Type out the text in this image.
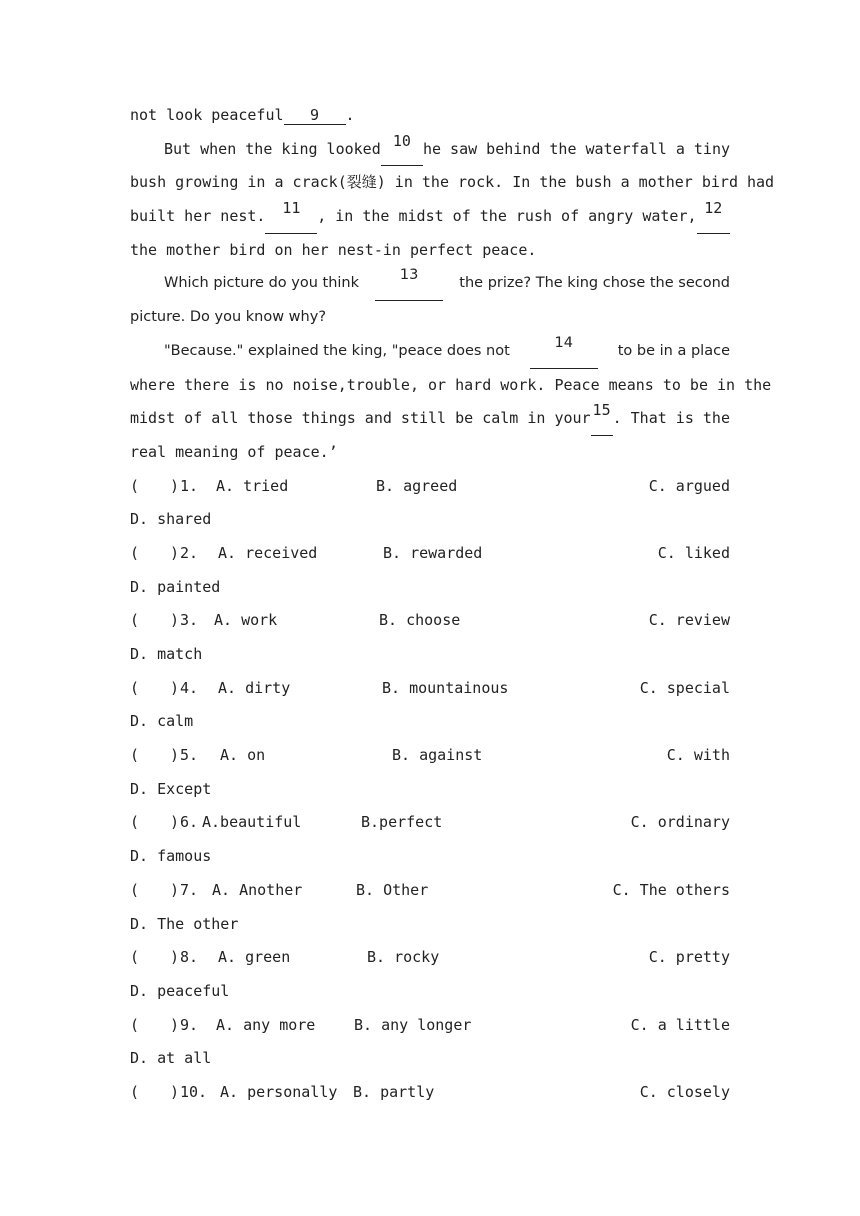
not look peaceful 9 .
But when the king looked 10 he saw behind the waterfall a tiny
bush growing in a crack(裂缝) in the rock. In the bush a mother bird had
built her nest.	11	, in the midst of the rush of angry water, 12
the mother bird on her nest-in perfect peace.
Which picture do you think	13	the prize? The king chose the second
picture. Do you know why?
"Because." explained the king, "peace does not	14	to be in a place
where there is no noise,trouble, or hard work. Peace means to be in the
midst of all those things and still be calm in your 15 . That is the
real meaning of peace.’
( ) 1. A. tried	B. agreed	C. argued
D. shared
( ) 2. A. received	B. rewarded	C. liked
D. painted
( ) 3. A. work	B. choose	C. review
D. match
( ) 4. A. dirty	B. mountainous	C. special
D. calm
( ) 5. A. on	B. against	C. with
D. Except
( ) 6. A.beautiful	B.perfect	C. ordinary
D. famous
( ) 7. A. Another	B. Other	C. The others
D. The other
( ) 8. A. green	B. rocky	C. pretty
D. peaceful
( ) 9. A. any more	B. any longer	C. a little
D. at all
( ) 10. A. personally B. partly	C. closely
